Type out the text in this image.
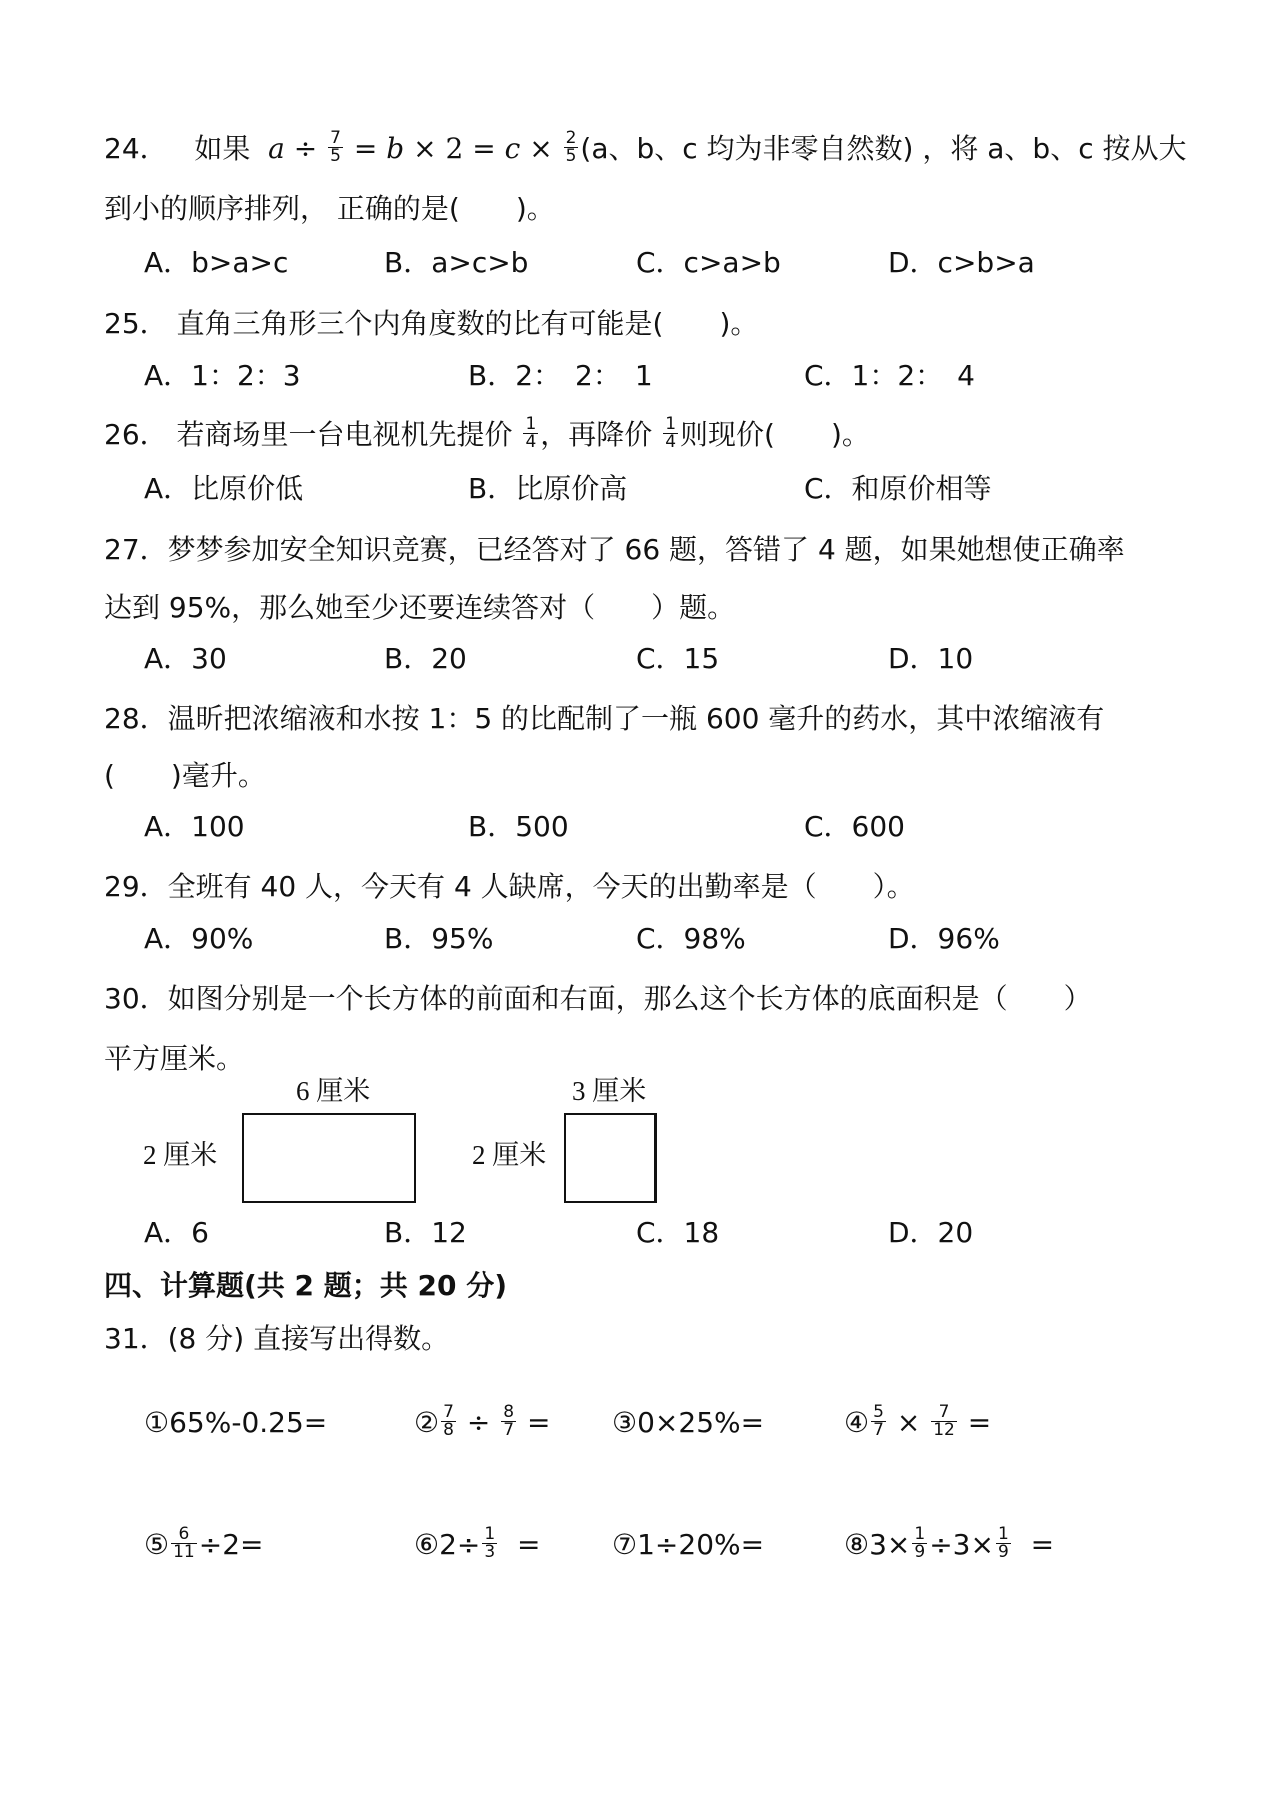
24． 如果 $a \div \frac{7}{5} = b \times 2 = c \times \frac{2}{5} (a$、b、c 均为非零自然数) ，将 a、b、c 按从大
到小的顺序排列， 正确的是(　　)。
A．b>a>c	B．a>c>b	C．c>a>b	D．c>b>a
25． 直角三角形三个内角度数的比有可能是(　　)。
A．1：2：3	B．2：　2：　1	C．1：2：　4
26． 若商场里一台电视机先提价 $\frac{1}{4}$ ，再降价 $\frac{1}{4}$ 则现价(　　)。
A．比原价低	B．比原价高	C．和原价相等
27．梦梦参加安全知识竞赛，已经答对了 66 题，答错了 4 题，如果她想使正确率
达到 95%，那么她至少还要连续答对（　　）题。
A．30	B．20	C．15	D．10
28．温昕把浓缩液和水按 1：5 的比配制了一瓶 600 毫升的药水，其中浓缩液有
(　　)毫升。
A．100	B．500	C．600
29．全班有 40 人，今天有 4 人缺席，今天的出勤率是（　　）。
A．90%	B．95%	C．98%	D．96%
30．如图分别是一个长方体的前面和右面，那么这个长方体的底面积是（　　）
平方厘米。
6 厘米
2 厘米
3 厘米
2 厘米
A．6	B．12	C．18	D．20
四、计算题(共 2 题；共 20 分)
31．(8 分) 直接写出得数。
①65%-0.25=	② $\frac{7}{8} \div \frac{8}{7}$ = ③0×25%=	④ $\frac{5}{7} \times \frac{7}{12}$ =
⑤ $\frac{6}{11} \div 2=$	⑥2÷ $\frac{1}{3}$ =	⑦1÷20%=	⑧3× $\frac{1}{9} \div 3\times \frac{1}{9}$ =
